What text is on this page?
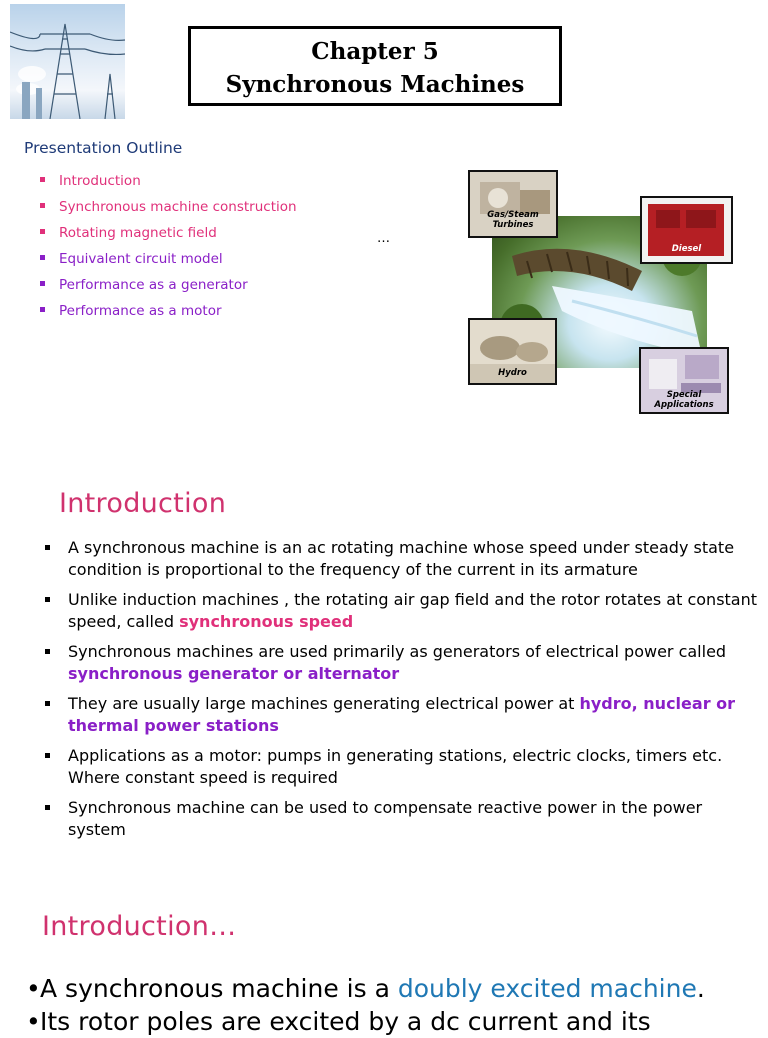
Chapter 5
Synchronous Machines
Presentation Outline
Introduction
Synchronous machine construction
Rotating magnetic field
Equivalent circuit model
Performance as a generator
Performance as a motor
…
Gas/Steam
Turbines
Diesel
Hydro
Special
Applications
Introduction
A synchronous machine is an ac rotating machine whose speed under steady state condition is proportional to the frequency of the current in its armature
Unlike induction machines , the rotating air gap field and the rotor rotates at constant speed, called synchronous speed
Synchronous machines are used primarily as generators of electrical power called synchronous generator or alternator
They are usually large machines generating electrical power at hydro, nuclear or thermal power stations
Applications as a motor: pumps in generating stations, electric clocks, timers etc. Where constant speed is required
Synchronous machine can be used to compensate reactive power in the power system
Introduction…
• A synchronous machine is a doubly excited machine.
• Its rotor poles are excited by a dc current and its
